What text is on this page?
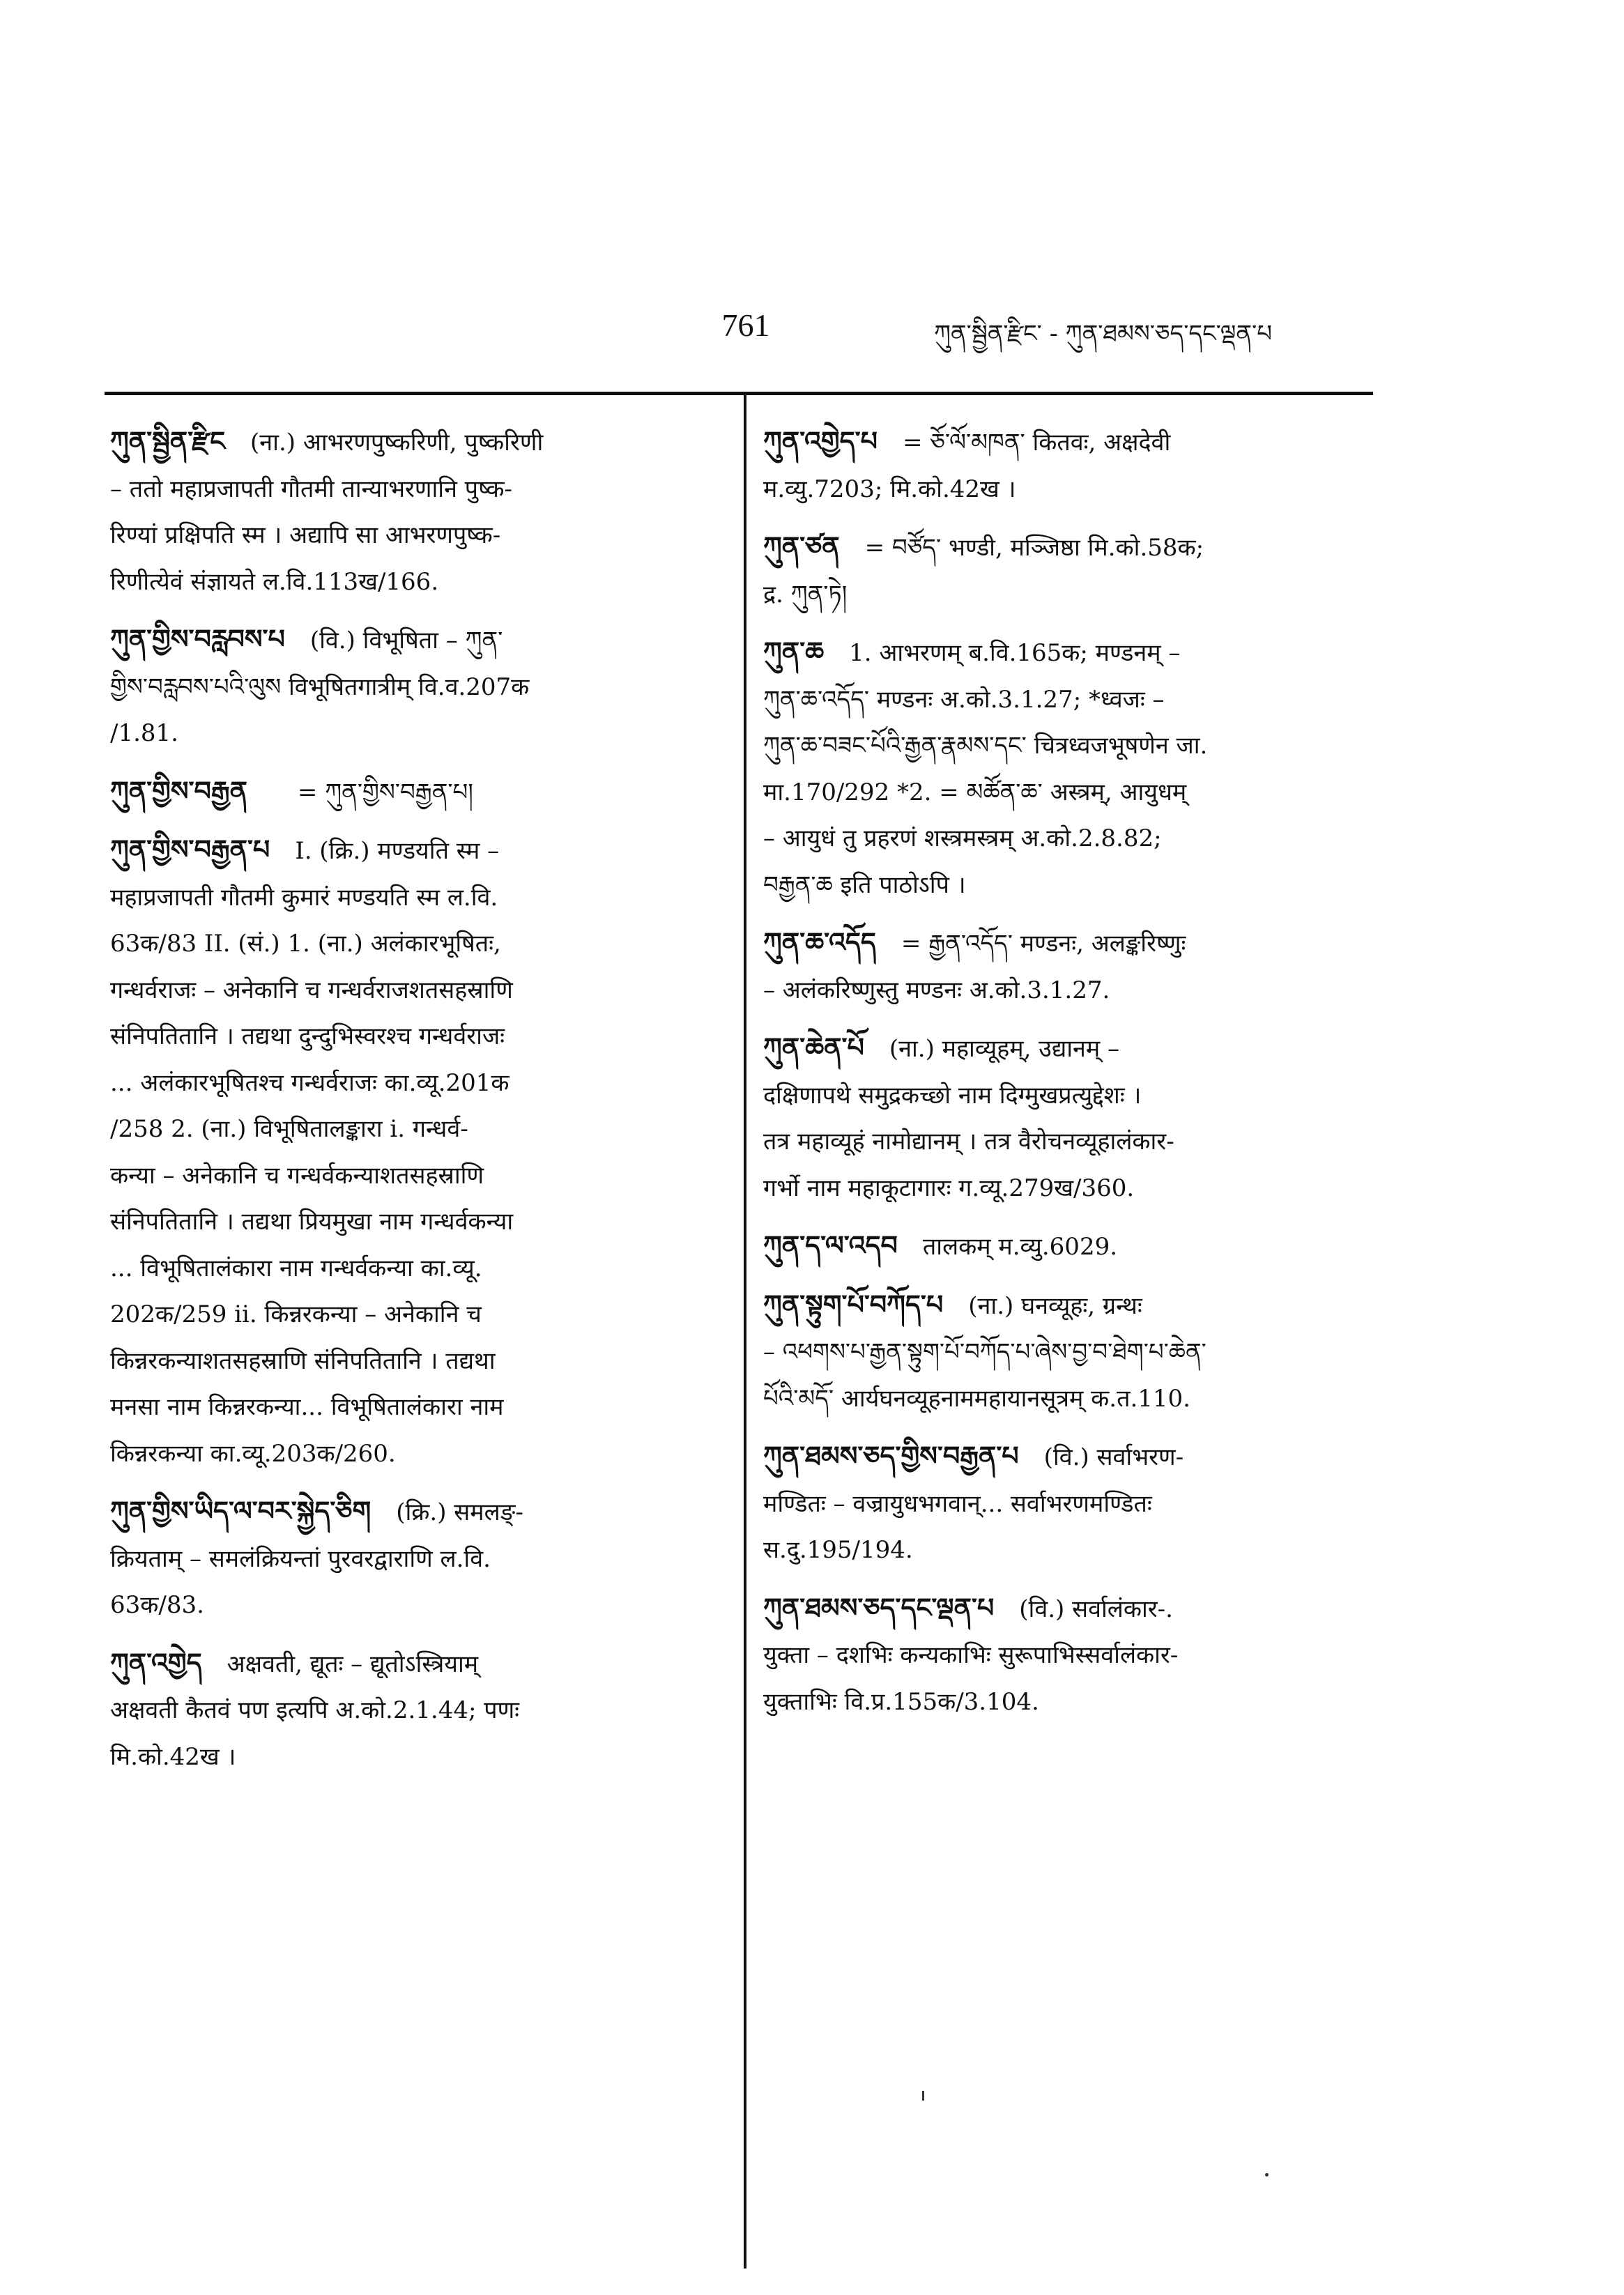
761	ཀུན་སྦྱིན་རྫིང་ - ཀུན་ཐམས་ཅད་དང་ལྡན་པ
ཀུན་སྦྱིན་རྫིང (ना.) आभरणपुष्करिणी, पुष्करिणी
– ततो महाप्रजापती गौतमी तान्याभरणानि पुष्क-
रिण्यां प्रक्षिपति स्म । अद्यापि सा आभरणपुष्क-
रिणीत्येवं संज्ञायते ल.वि.113ख/166.
ཀུན་གྱིས་བརླབས་པ (वि.) विभूषिता – ཀུན་
གྱིས་བརླབས་པའི་ལུས विभूषितगात्रीम् वि.व.207क
/1.81.
ཀུན་གྱིས་བརྒྱན = ཀུན་གྱིས་བརྒྱན་པ།
ཀུན་གྱིས་བརྒྱན་པ I. (क्रि.) मण्डयति स्म –
महाप्रजापती गौतमी कुमारं मण्डयति स्म ल.वि.
63क/83 II. (सं.) 1. (ना.) अलंकारभूषितः,
गन्धर्वराजः – अनेकानि च गन्धर्वराजशतसहस्राणि
संनिपतितानि । तद्यथा दुन्दुभिस्वरश्च गन्धर्वराजः
... अलंकारभूषितश्च गन्धर्वराजः का.व्यू.201क
/258 2. (ना.) विभूषितालङ्कारा i. गन्धर्व-
कन्या – अनेकानि च गन्धर्वकन्याशतसहस्राणि
संनिपतितानि । तद्यथा प्रियमुखा नाम गन्धर्वकन्या
... विभूषितालंकारा नाम गन्धर्वकन्या का.व्यू.
202क/259 ii. किन्नरकन्या – अनेकानि च
किन्नरकन्याशतसहस्राणि संनिपतितानि । तद्यथा
मनसा नाम किन्नरकन्या... विभूषितालंकारा नाम
किन्नरकन्या का.व्यू.203क/260.
ཀུན་གྱིས་ཡིད་ལ་བར་སྐྱེད་ཅིག (क्रि.) समलङ्-
क्रियताम् – समलंक्रियन्तां पुरवरद्वाराणि ल.वि.
63क/83.
ཀུན་འགྱེད अक्षवती, द्यूतः – द्यूतोऽस्त्रियाम्
अक्षवती कैतवं पण इत्यपि अ.को.2.1.44; पणः
मि.को.42ख ।
ཀུན་འགྱེད་པ = ཅོ་ལོ་མཁན་ कितवः, अक्षदेवी
म.व्यु.7203; मि.को.42ख ।
ཀུན་ཙན = བཙོད་ भण्डी, मञ्जिष्ठा मि.को.58क;
द्र. ཀུན་ཏེ།
ཀུན་ཆ 1. आभरणम् ब.वि.165क; मण्डनम् –
ཀུན་ཆ་འདོད་ मण्डनः अ.को.3.1.27; *ध्वजः –
ཀུན་ཆ་བཟང་པོའི་རྒྱན་རྣམས་དང་ चित्रध्वजभूषणेन जा.
मा.170/292 *2. = མཚོན་ཆ་ अस्त्रम्, आयुधम्
– आयुधं तु प्रहरणं शस्त्रमस्त्रम् अ.को.2.8.82;
བརྒྱན་ཆ इति पाठोऽपि ।
ཀུན་ཆ་འདོད = རྒྱན་འདོད་ मण्डनः, अलङ्करिष्णुः
– अलंकरिष्णुस्तु मण्डनः अ.को.3.1.27.
ཀུན་ཆེན་པོ (ना.) महाव्यूहम्, उद्यानम् –
दक्षिणापथे समुद्रकच्छो नाम दिग्मुखप्रत्युद्देशः ।
तत्र महाव्यूहं नामोद्यानम् । तत्र वैरोचनव्यूहालंकार-
गर्भो नाम महाकूटागारः ग.व्यू.279ख/360.
ཀུན་ད་ལ་འདབ तालकम् म.व्यु.6029.
ཀུན་སྟུག་པོ་བཀོད་པ (ना.) घनव्यूहः, ग्रन्थः
– འཕགས་པ་རྒྱན་སྟུག་པོ་བཀོད་པ་ཞེས་བྱ་བ་ཐེག་པ་ཆེན་
པོའི་མདོ་ आर्यघनव्यूहनाममहायानसूत्रम् क.त.110.
ཀུན་ཐམས་ཅད་གྱིས་བརྒྱན་པ (वि.) सर्वाभरण-
मण्डितः – वज्रायुधभगवान्... सर्वाभरणमण्डितः
स.दु.195/194.
ཀུན་ཐམས་ཅད་དང་ལྡན་པ (वि.) सर्वालंकार-.
युक्ता – दशभिः कन्यकाभिः सुरूपाभिस्सर्वालंकार-
युक्ताभिः वि.प्र.155क/3.104.
